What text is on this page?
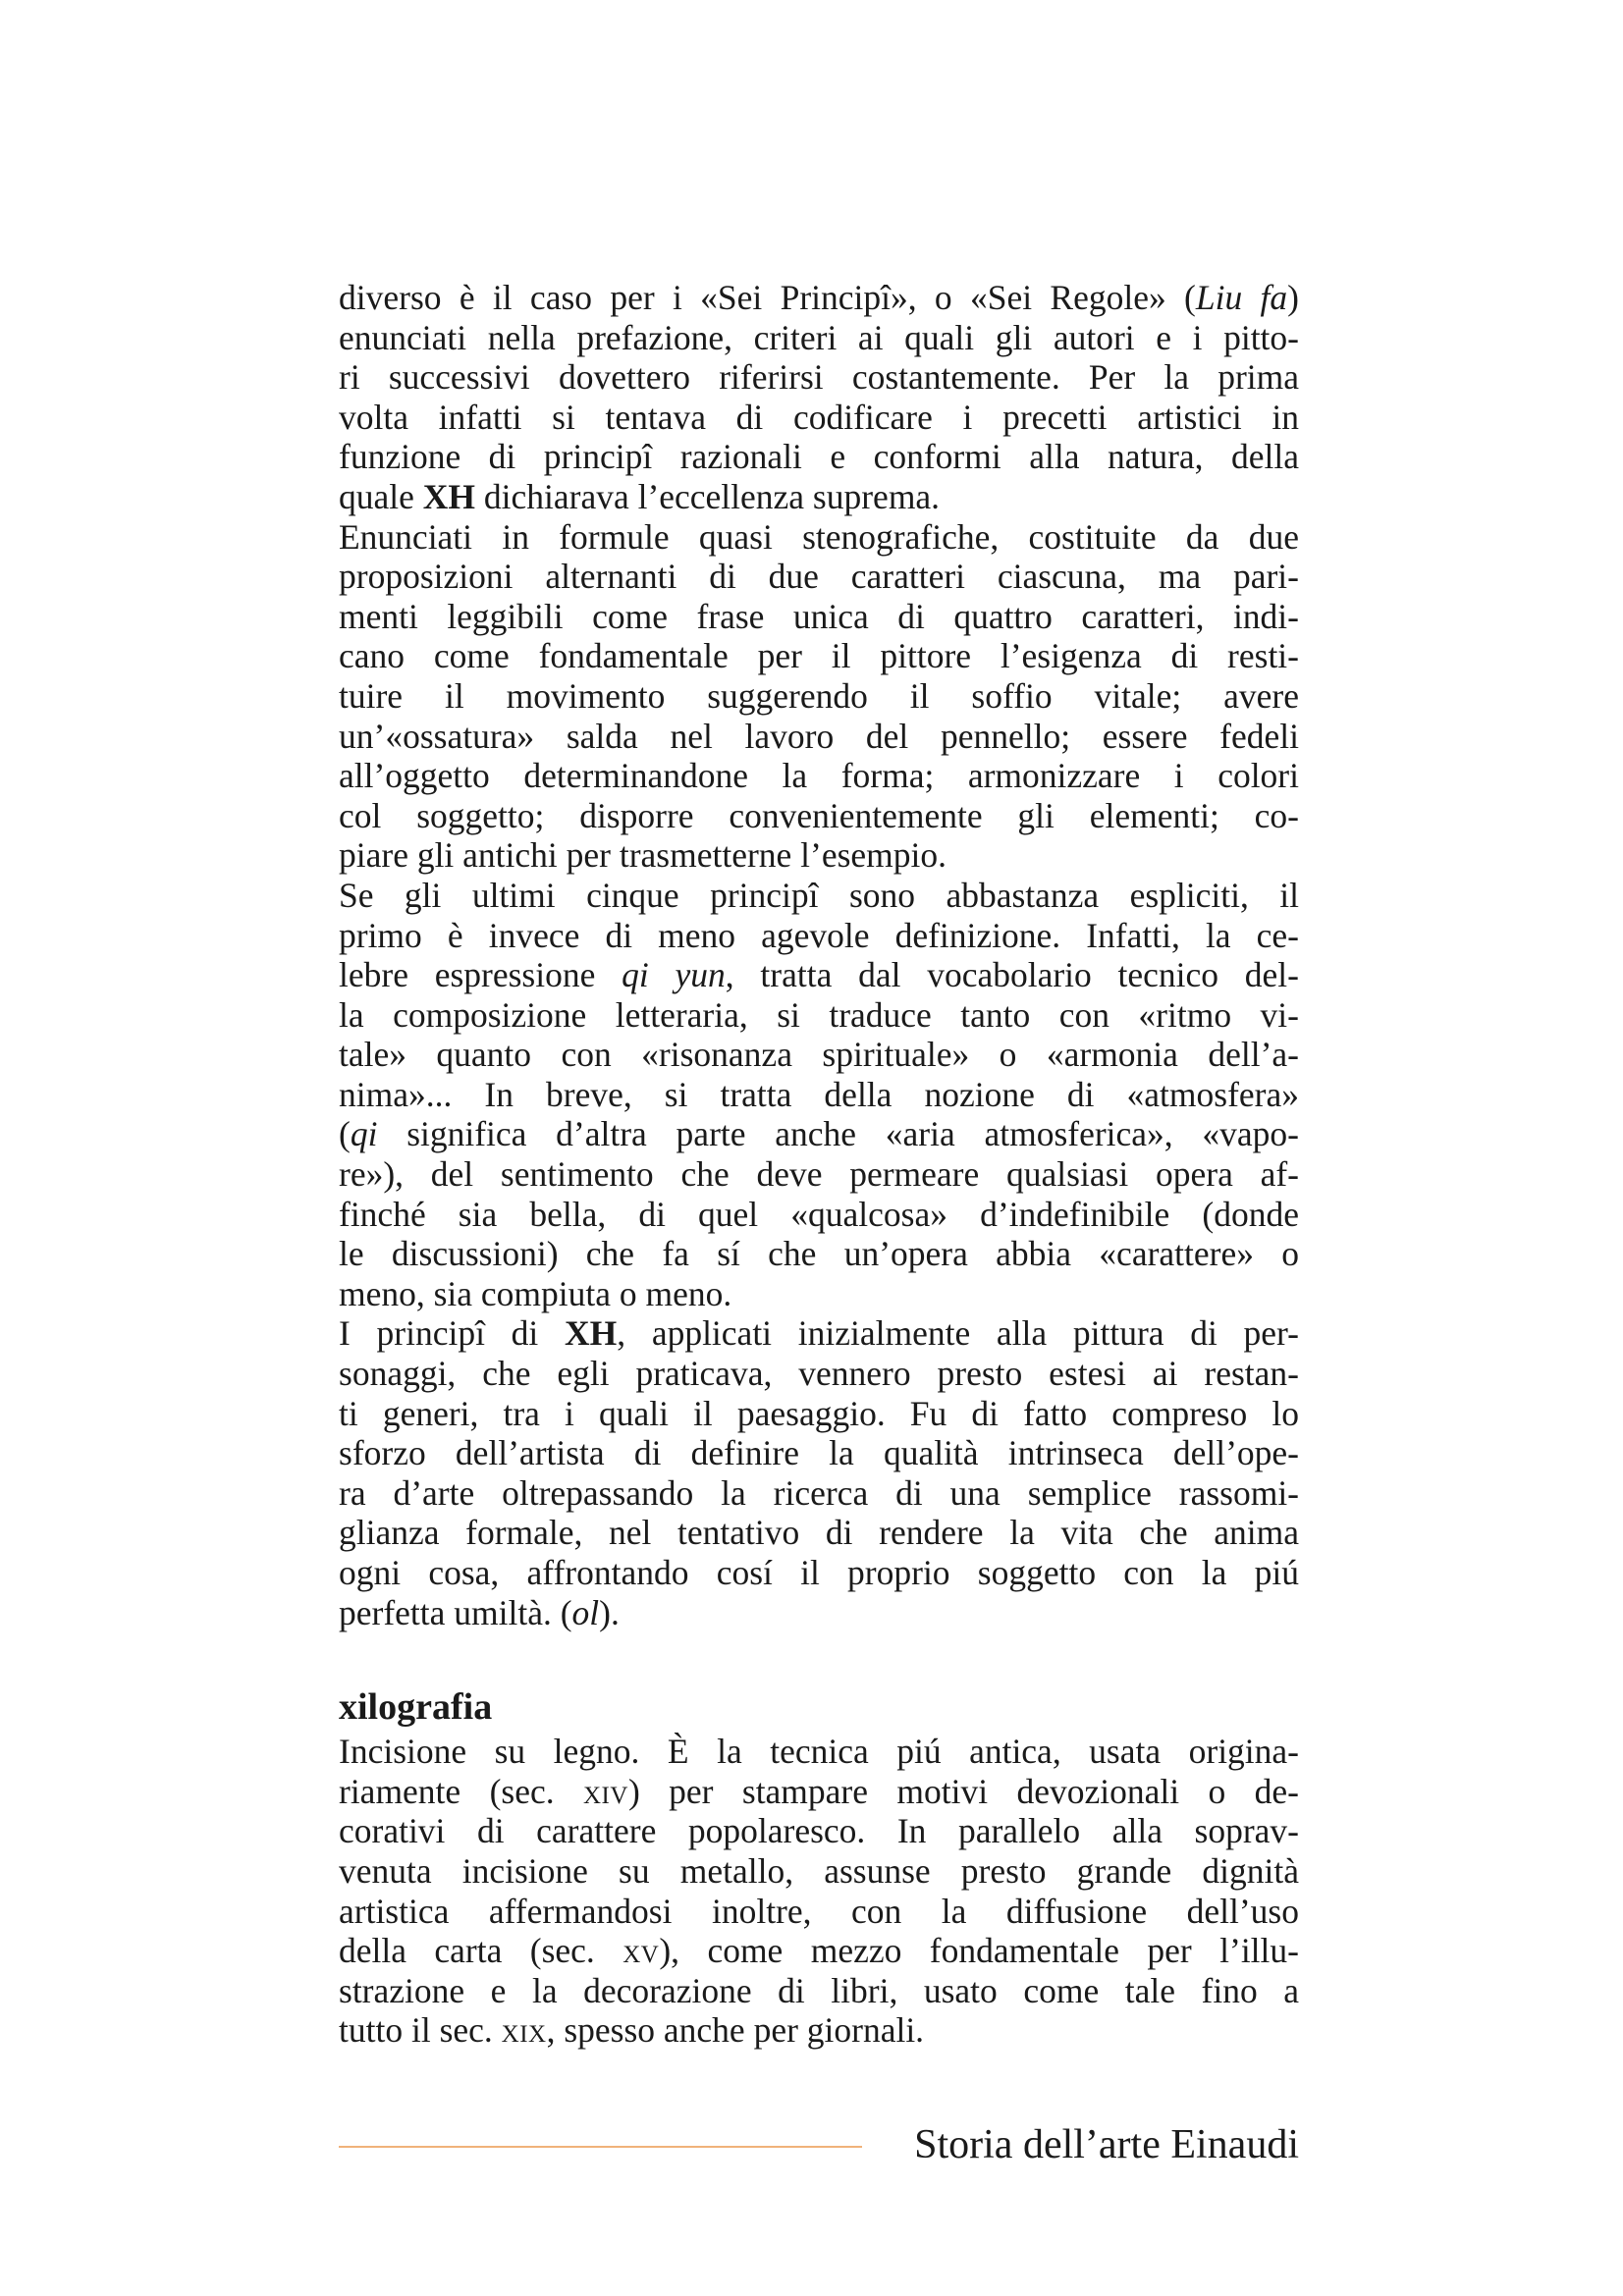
diverso è il caso per i «Sei Principî», o «Sei Regole» (Liu fa)
enunciati nella prefazione, criteri ai quali gli autori e i pitto-
ri successivi dovettero riferirsi costantemente. Per la prima
volta infatti si tentava di codificare i precetti artistici in
funzione di principî razionali e conformi alla natura, della
quale XH dichiarava l’eccellenza suprema.

Enunciati in formule quasi stenografiche, costituite da due
proposizioni alternanti di due caratteri ciascuna, ma pari-
menti leggibili come frase unica di quattro caratteri, indi-
cano come fondamentale per il pittore l’esigenza di resti-
tuire il movimento suggerendo il soffio vitale; avere
un’«ossatura» salda nel lavoro del pennello; essere fedeli
all’oggetto determinandone la forma; armonizzare i colori
col soggetto; disporre convenientemente gli elementi; co-
piare gli antichi per trasmetterne l’esempio.

Se gli ultimi cinque principî sono abbastanza espliciti, il
primo è invece di meno agevole definizione. Infatti, la ce-
lebre espressione qi yun, tratta dal vocabolario tecnico del-
la composizione letteraria, si traduce tanto con «ritmo vi-
tale» quanto con «risonanza spirituale» o «armonia dell’a-
nima»... In breve, si tratta della nozione di «atmosfera»
(qi significa d’altra parte anche «aria atmosferica», «vapo-
re»), del sentimento che deve permeare qualsiasi opera af-
finché sia bella, di quel «qualcosa» d’indefinibile (donde
le discussioni) che fa sí che un’opera abbia «carattere» o
meno, sia compiuta o meno.

I principî di XH, applicati inizialmente alla pittura di per-
sonaggi, che egli praticava, vennero presto estesi ai restan-
ti generi, tra i quali il paesaggio. Fu di fatto compreso lo
sforzo dell’artista di definire la qualità intrinseca dell’ope-
ra d’arte oltrepassando la ricerca di una semplice rassomi-
glianza formale, nel tentativo di rendere la vita che anima
ogni cosa, affrontando cosí il proprio soggetto con la piú
perfetta umiltà. (ol).

xilografia

Incisione su legno. È la tecnica piú antica, usata origina-
riamente (sec. xiv) per stampare motivi devozionali o de-
corativi di carattere popolaresco. In parallelo alla soprav-
venuta incisione su metallo, assunse presto grande dignità
artistica affermandosi inoltre, con la diffusione dell’uso
della carta (sec. xv), come mezzo fondamentale per l’illu-
strazione e la decorazione di libri, usato come tale fino a
tutto il sec. xix, spesso anche per giornali.

Storia dell’arte Einaudi
